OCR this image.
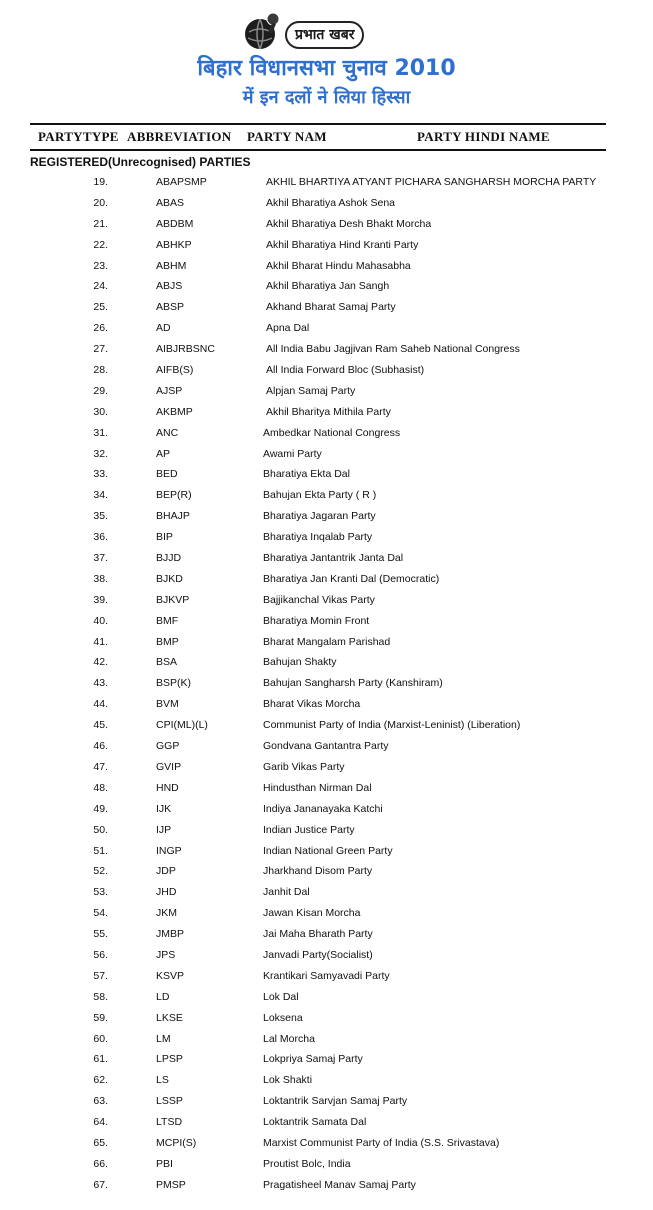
प्रभात खबर
बिहार विधानसभा चुनाव 2010
में इन दलों ने लिया हिस्सा
PARTYTYPE ABBREVIATION PARTY NAM	PARTY HINDI NAME
REGISTERED(Unrecognised) PARTIES
19.	ABAPSMP	AKHIL BHARTIYA ATYANT PICHARA SANGHARSH MORCHA PARTY
20.	ABAS	Akhil Bharatiya Ashok Sena
21.	ABDBM	Akhil Bharatiya Desh Bhakt Morcha
22.	ABHKP	Akhil Bharatiya Hind Kranti Party
23.	ABHM	Akhil Bharat Hindu Mahasabha
24.	ABJS	Akhil Bharatiya Jan Sangh
25.	ABSP	Akhand Bharat Samaj Party
26.	AD	Apna Dal
27.	AIBJRBSNC	All India Babu Jagjivan Ram Saheb National Congress
28.	AIFB(S)	All India Forward Bloc (Subhasist)
29.	AJSP	Alpjan Samaj Party
30.	AKBMP	Akhil Bharitya Mithila Party
31.	ANC	Ambedkar National Congress
32.	AP	Awami Party
33.	BED	Bharatiya Ekta Dal
34.	BEP(R)	Bahujan Ekta Party ( R )
35.	BHAJP	Bharatiya Jagaran Party
36.	BIP	Bharatiya Inqalab Party
37.	BJJD	Bharatiya Jantantrik Janta Dal
38.	BJKD	Bharatiya Jan Kranti Dal (Democratic)
39.	BJKVP	Bajjikanchal Vikas Party
40.	BMF	Bharatiya Momin Front
41.	BMP	Bharat Mangalam Parishad
42.	BSA	Bahujan Shakty
43.	BSP(K)	Bahujan Sangharsh Party (Kanshiram)
44.	BVM	Bharat Vikas Morcha
45.	CPI(ML)(L)	Communist Party of India (Marxist-Leninist) (Liberation)
46.	GGP	Gondvana Gantantra Party
47.	GVIP	Garib Vikas Party
48.	HND	Hindusthan Nirman Dal
49.	IJK	Indiya Jananayaka Katchi
50.	IJP	Indian Justice Party
51.	INGP	Indian National Green Party
52.	JDP	Jharkhand Disom Party
53.	JHD	Janhit Dal
54.	JKM	Jawan Kisan Morcha
55.	JMBP	Jai Maha Bharath Party
56.	JPS	Janvadi Party(Socialist)
57.	KSVP	Krantikari Samyavadi Party
58.	LD	Lok Dal
59.	LKSE	Loksena
60.	LM	Lal Morcha
61.	LPSP	Lokpriya Samaj Party
62.	LS	Lok Shakti
63.	LSSP	Loktantrik Sarvjan Samaj Party
64.	LTSD	Loktantrik Samata Dal
65.	MCPI(S)	Marxist Communist Party of India (S.S. Srivastava)
66.	PBI	Proutist Bolc, India
67.	PMSP	Pragatisheel Manav Samaj Party
